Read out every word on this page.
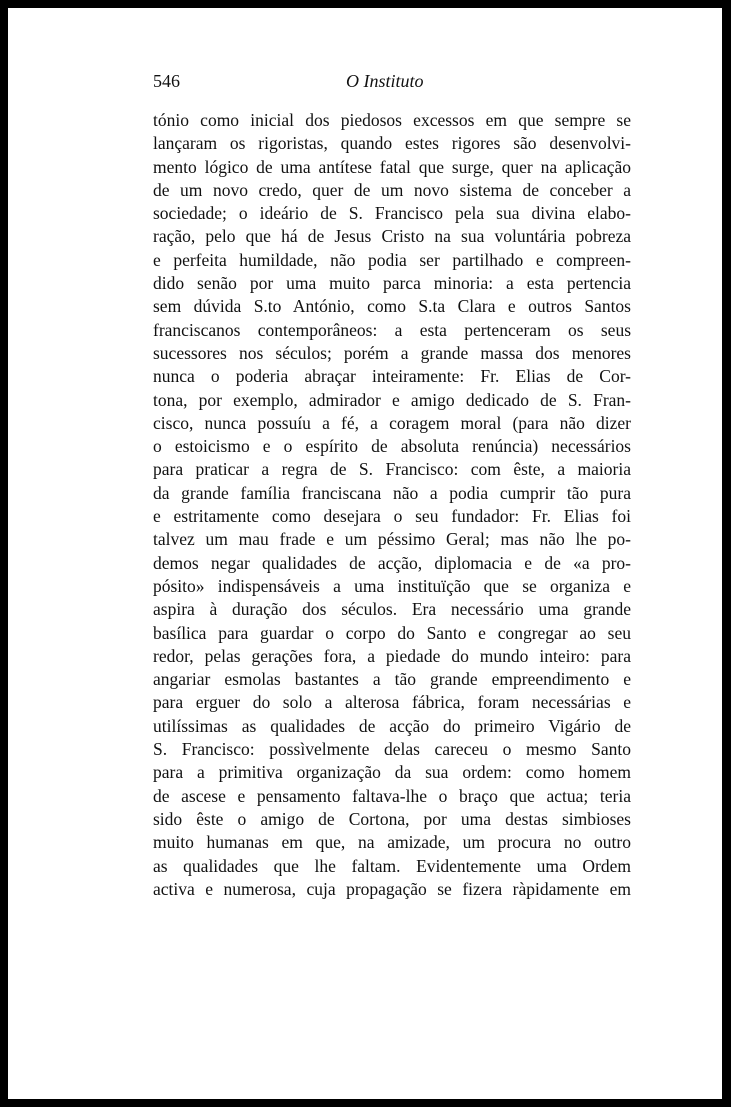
546	O Instituto
tónio como inicial dos piedosos excessos em que sempre se
lançaram os rigoristas, quando estes rigores são desenvolvi-
mento lógico de uma antítese fatal que surge, quer na aplicação
de um novo credo, quer de um novo sistema de conceber a
sociedade; o ideário de S. Francisco pela sua divina elabo-
ração, pelo que há de Jesus Cristo na sua voluntária pobreza
e perfeita humildade, não podia ser partilhado e compreen-
dido senão por uma muito parca minoria: a esta pertencia
sem dúvida S.to António, como S.ta Clara e outros Santos
franciscanos contemporâneos: a esta pertenceram os seus
sucessores nos séculos; porém a grande massa dos menores
nunca o poderia abraçar inteiramente: Fr. Elias de Cor-
tona, por exemplo, admirador e amigo dedicado de S. Fran-
cisco, nunca possuíu a fé, a coragem moral (para não dizer
o estoicismo e o espírito de absoluta renúncia) necessários
para praticar a regra de S. Francisco: com êste, a maioria
da grande família franciscana não a podia cumprir tão pura
e estritamente como desejara o seu fundador: Fr. Elias foi
talvez um mau frade e um péssimo Geral; mas não lhe po-
demos negar qualidades de acção, diplomacia e de «a pro-
pósito» indispensáveis a uma instituïção que se organiza e
aspira à duração dos séculos. Era necessário uma grande
basílica para guardar o corpo do Santo e congregar ao seu
redor, pelas gerações fora, a piedade do mundo inteiro: para
angariar esmolas bastantes a tão grande empreendimento e
para erguer do solo a alterosa fábrica, foram necessárias e
utilíssimas as qualidades de acção do primeiro Vigário de
S. Francisco: possìvelmente delas careceu o mesmo Santo
para a primitiva organização da sua ordem: como homem
de ascese e pensamento faltava-lhe o braço que actua; teria
sido êste o amigo de Cortona, por uma destas simbioses
muito humanas em que, na amizade, um procura no outro
as qualidades que lhe faltam. Evidentemente uma Ordem
activa e numerosa, cuja propagação se fizera ràpidamente em
